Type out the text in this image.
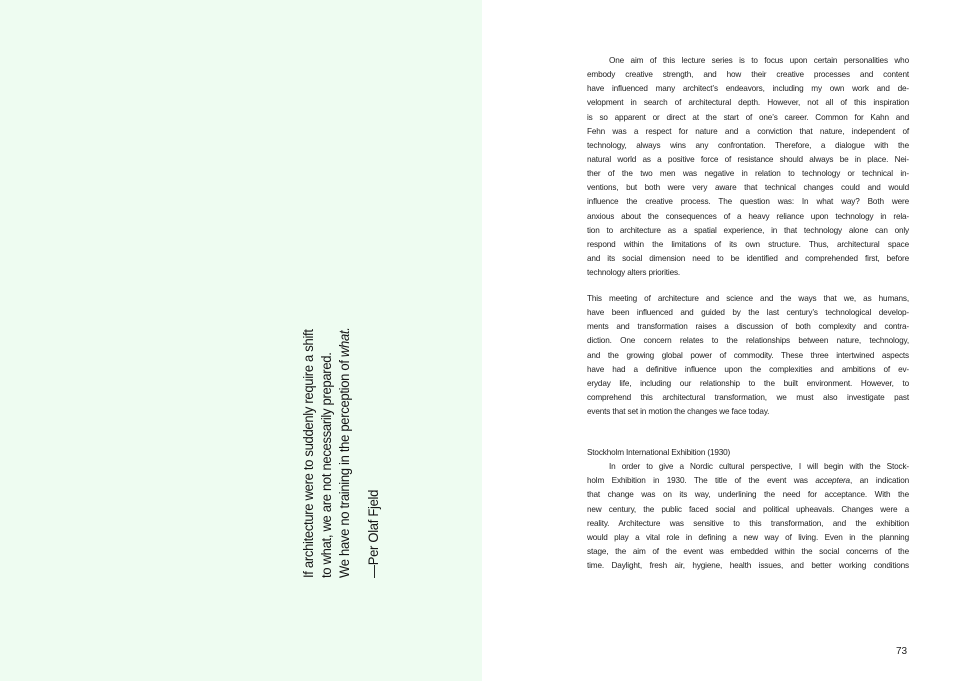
If architecture were to suddenly require a shift to what, we are not necessarily prepared. We have no training in the perception of what.
—Per Olaf Fjeld
One aim of this lecture series is to focus upon certain personalities who
embody creative strength, and how their creative processes and content
have influenced many architect’s endeavors, including my own work and de-
velopment in search of architectural depth. However, not all of this inspiration
is so apparent or direct at the start of one’s career. Common for Kahn and
Fehn was a respect for nature and a conviction that nature, independent of
technology, always wins any confrontation. Therefore, a dialogue with the
natural world as a positive force of resistance should always be in place. Nei-
ther of the two men was negative in relation to technology or technical in-
ventions, but both were very aware that technical changes could and would
influence the creative process. The question was: In what way? Both were
anxious about the consequences of a heavy reliance upon technology in rela-
tion to architecture as a spatial experience, in that technology alone can only
respond within the limitations of its own structure. Thus, architectural space
and its social dimension need to be identified and comprehended first, before
technology alters priorities.
This meeting of architecture and science and the ways that we, as humans,
have been influenced and guided by the last century’s technological develop-
ments and transformation raises a discussion of both complexity and contra-
diction. One concern relates to the relationships between nature, technology,
and the growing global power of commodity. These three intertwined aspects
have had a definitive influence upon the complexities and ambitions of ev-
eryday life, including our relationship to the built environment. However, to
comprehend this architectural transformation, we must also investigate past
events that set in motion the changes we face today.
Stockholm International Exhibition (1930)
In order to give a Nordic cultural perspective, I will begin with the Stock-
holm Exhibition in 1930. The title of the event was acceptera, an indication
that change was on its way, underlining the need for acceptance. With the
new century, the public faced social and political upheavals. Changes were a
reality. Architecture was sensitive to this transformation, and the exhibition
would play a vital role in defining a new way of living. Even in the planning
stage, the aim of the event was embedded within the social concerns of the
time. Daylight, fresh air, hygiene, health issues, and better working conditions
73
